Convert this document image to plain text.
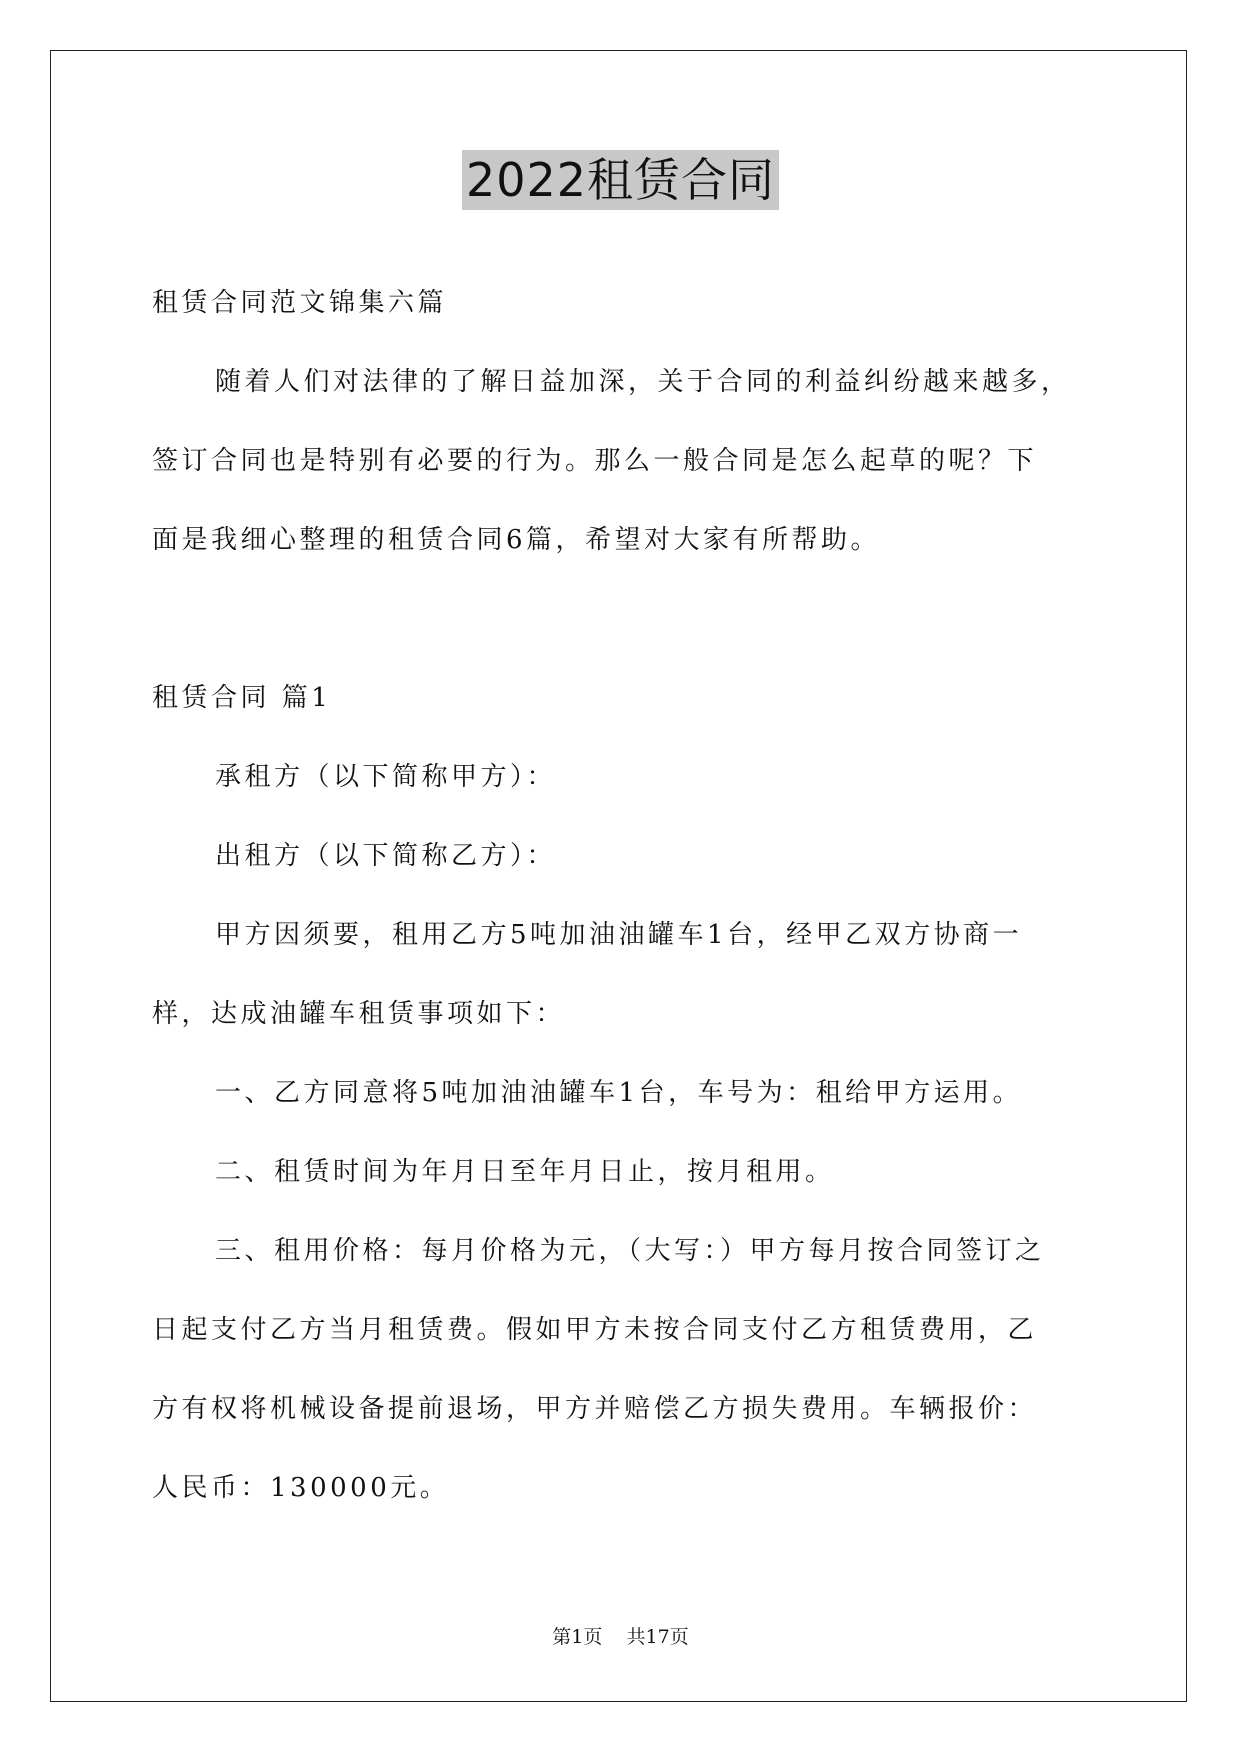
2022租赁合同
租赁合同范文锦集六篇
随着人们对法律的了解日益加深，关于合同的利益纠纷越来越多，
签订合同也是特别有必要的行为。那么一般合同是怎么起草的呢？下
面是我细心整理的租赁合同6篇，希望对大家有所帮助。
租赁合同 篇1
承租方（以下简称甲方）：
出租方（以下简称乙方）：
甲方因须要，租用乙方5吨加油油罐车1台，经甲乙双方协商一
样，达成油罐车租赁事项如下：
一、乙方同意将5吨加油油罐车1台，车号为：租给甲方运用。
二、租赁时间为年月日至年月日止，按月租用。
三、租用价格：每月价格为元，（大写：）甲方每月按合同签订之
日起支付乙方当月租赁费。假如甲方未按合同支付乙方租赁费用，乙
方有权将机械设备提前退场，甲方并赔偿乙方损失费用。车辆报价：
人民币：130000元。
第1页 共17页
